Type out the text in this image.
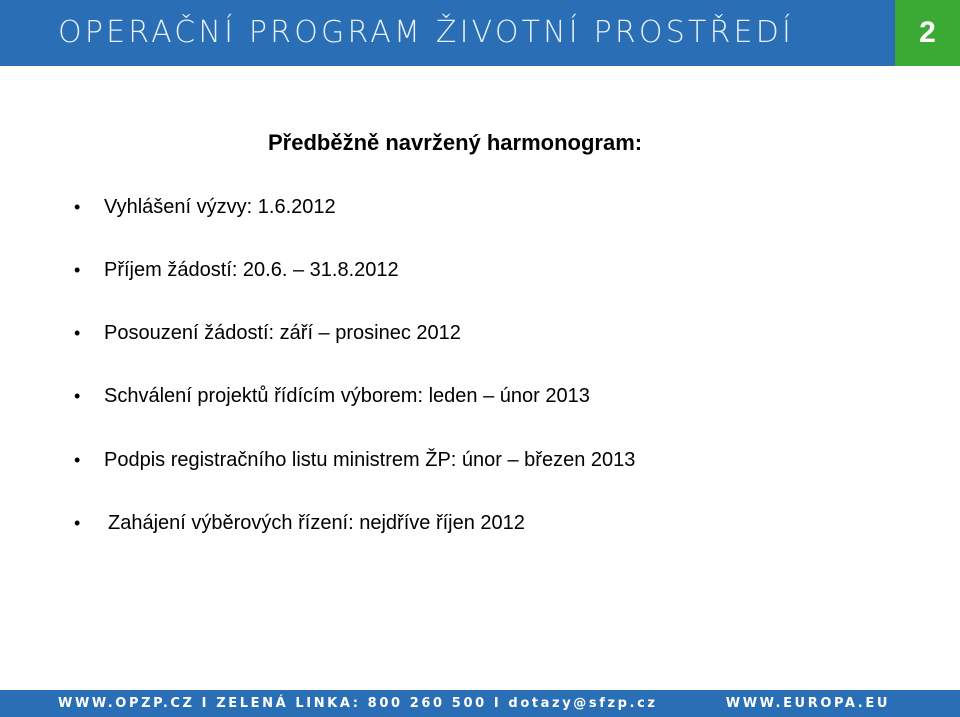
OPERAČNÍ PROGRAM ŽIVOTNÍ PROSTŘEDÍ	2
Předběžně navržený harmonogram:
• Vyhlášení výzvy: 1.6.2012
• Příjem žádostí: 20.6. – 31.8.2012
• Posouzení žádostí: září – prosinec 2012
• Schválení projektů řídícím výborem: leden – únor 2013
• Podpis registračního listu ministrem ŽP: únor – březen 2013
• Zahájení výběrových řízení: nejdříve říjen 2012
WWW.OPZP.CZ I ZELENÁ LINKA: 800 260 500 I dotazy@sfzp.cz	WWW.EUROPA.EU
